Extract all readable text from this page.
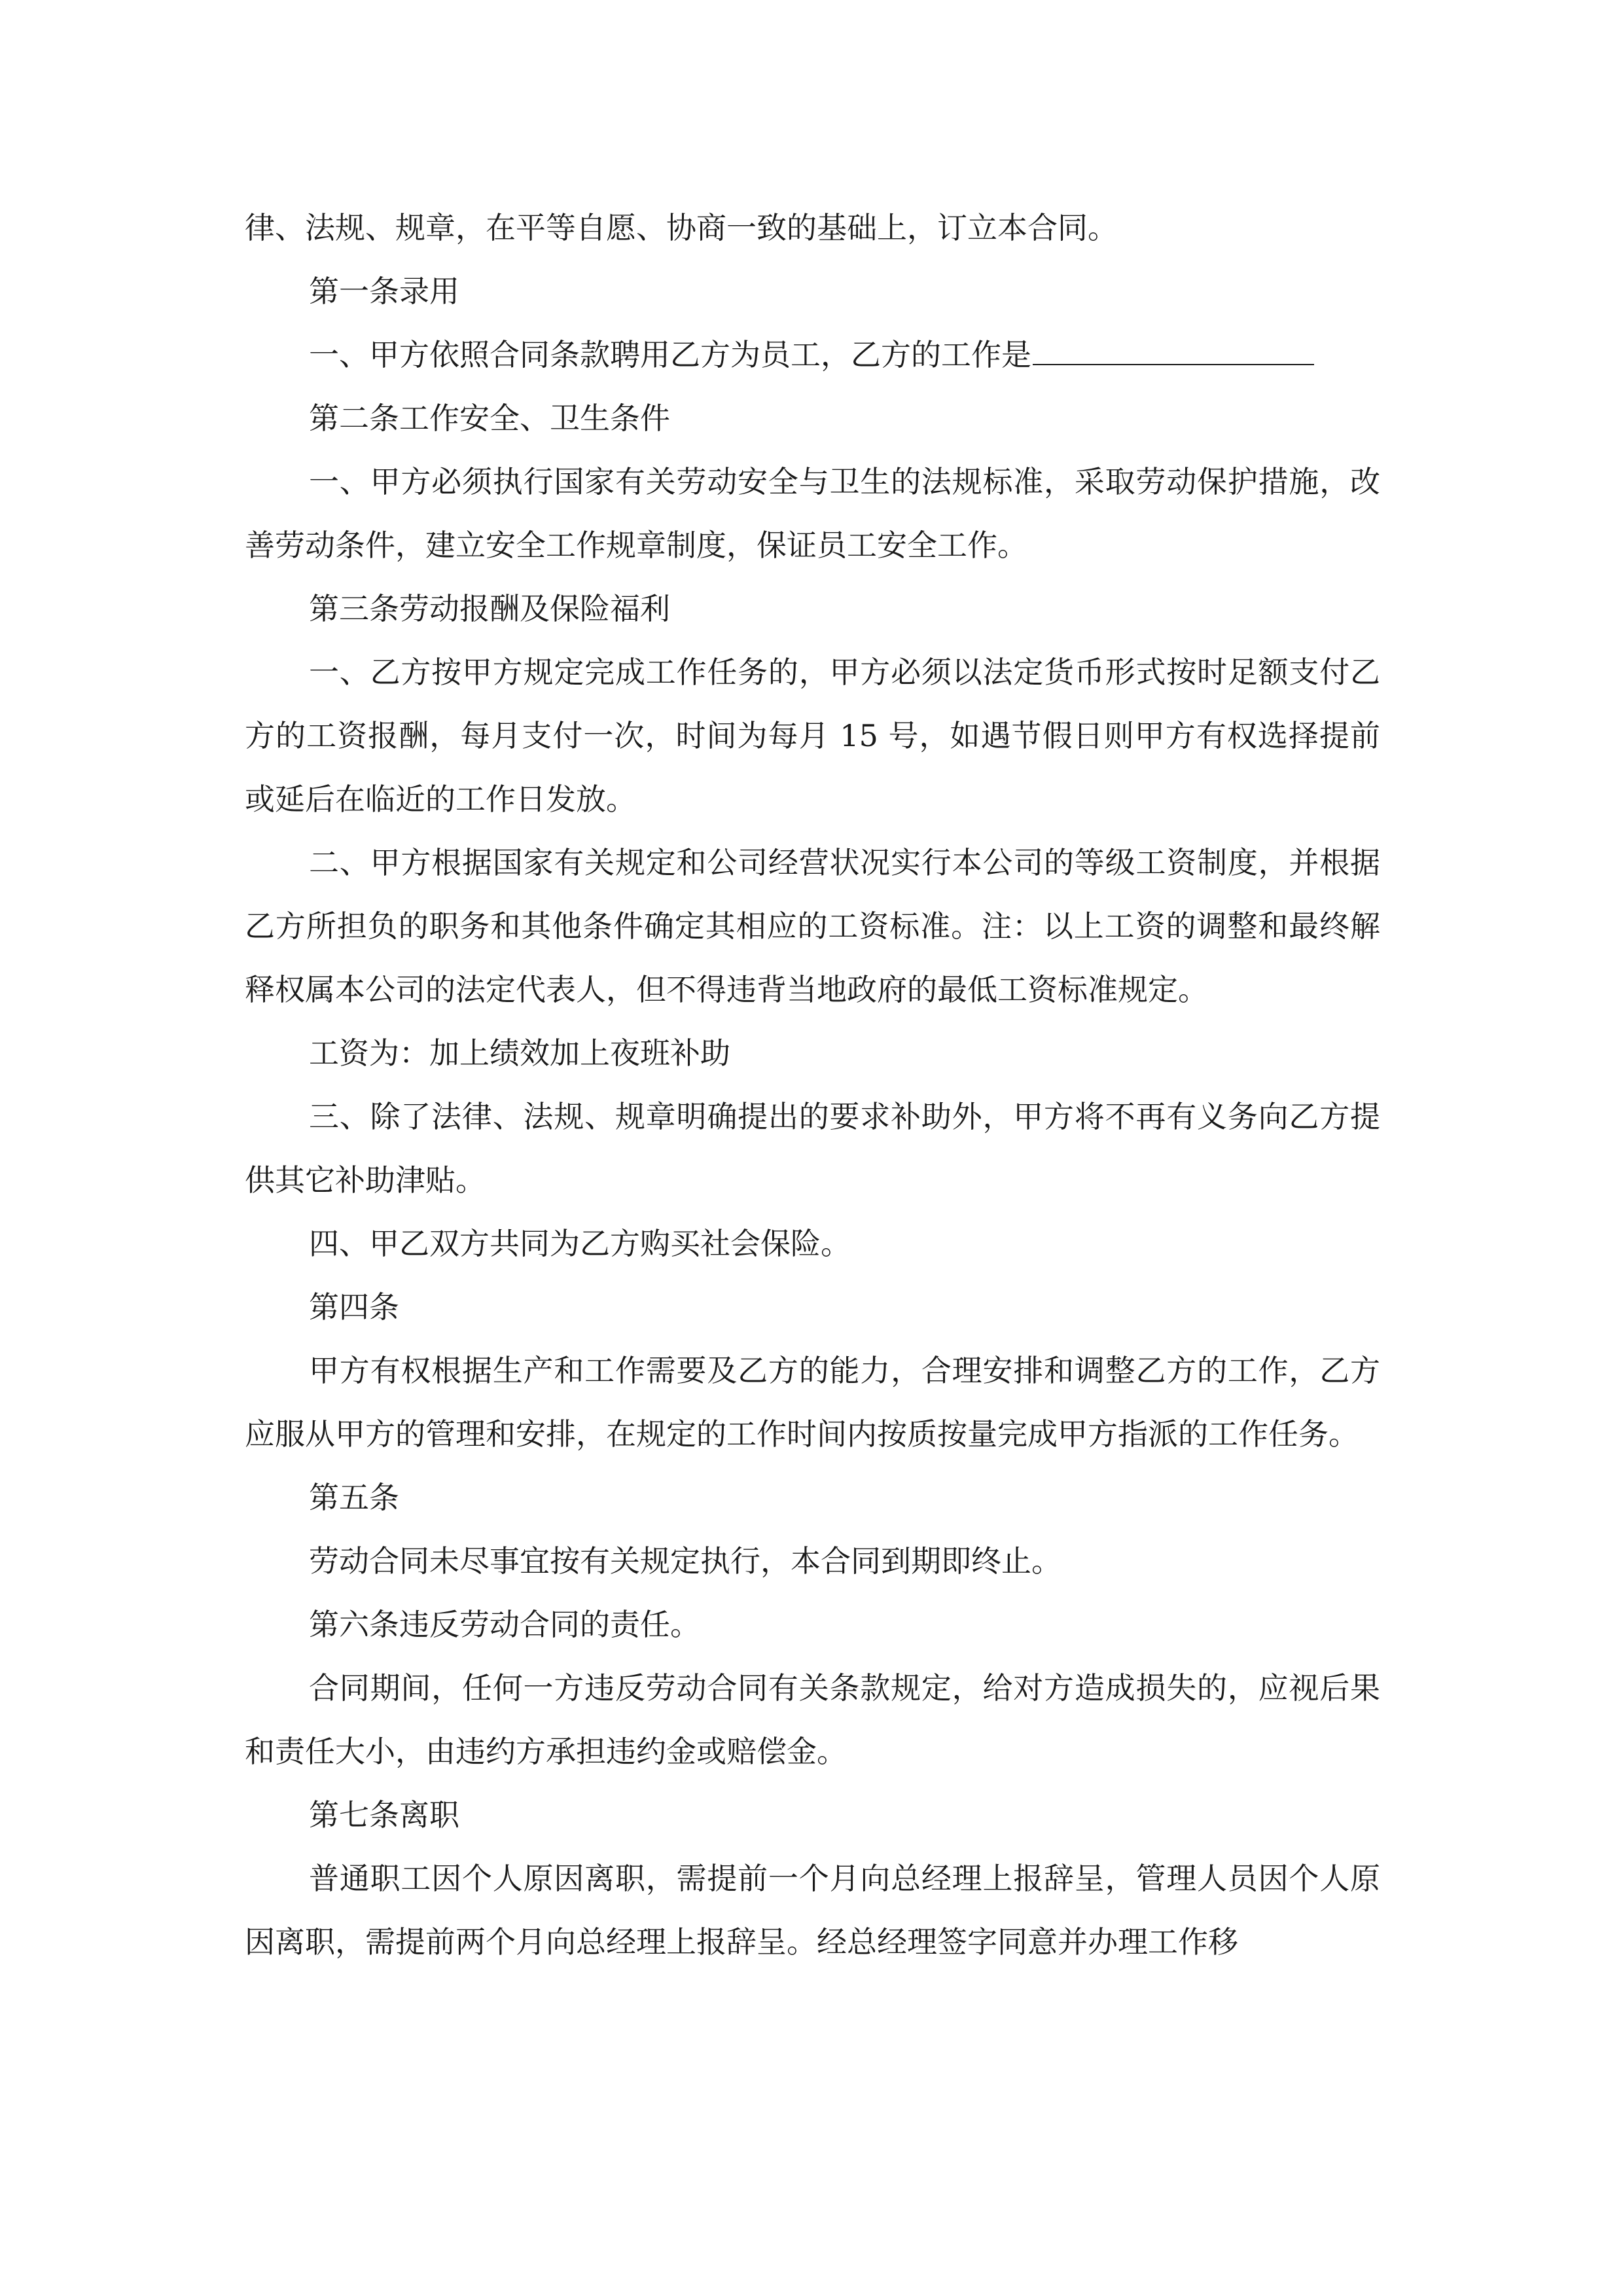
律、法规、规章，在平等自愿、协商一致的基础上，订立本合同。

第一条录用

一、甲方依照合同条款聘用乙方为员工，乙方的工作是

第二条工作安全、卫生条件

一、甲方必须执行国家有关劳动安全与卫生的法规标准，采取劳动保护措施，改善劳动条件，建立安全工作规章制度，保证员工安全工作。

第三条劳动报酬及保险福利

一、乙方按甲方规定完成工作任务的，甲方必须以法定货币形式按时足额支付乙方的工资报酬，每月支付一次，时间为每月 15 号，如遇节假日则甲方有权选择提前或延后在临近的工作日发放。

二、甲方根据国家有关规定和公司经营状况实行本公司的等级工资制度，并根据乙方所担负的职务和其他条件确定其相应的工资标准。注：以上工资的调整和最终解释权属本公司的法定代表人，但不得违背当地政府的最低工资标准规定。

工资为：加上绩效加上夜班补助

三、除了法律、法规、规章明确提出的要求补助外，甲方将不再有义务向乙方提供其它补助津贴。

四、甲乙双方共同为乙方购买社会保险。

第四条

甲方有权根据生产和工作需要及乙方的能力，合理安排和调整乙方的工作，乙方应服从甲方的管理和安排，在规定的工作时间内按质按量完成甲方指派的工作任务。

第五条

劳动合同未尽事宜按有关规定执行，本合同到期即终止。

第六条违反劳动合同的责任。

合同期间，任何一方违反劳动合同有关条款规定，给对方造成损失的，应视后果和责任大小，由违约方承担违约金或赔偿金。

第七条离职

普通职工因个人原因离职，需提前一个月向总经理上报辞呈，管理人员因个人原因离职，需提前两个月向总经理上报辞呈。经总经理签字同意并办理工作移
